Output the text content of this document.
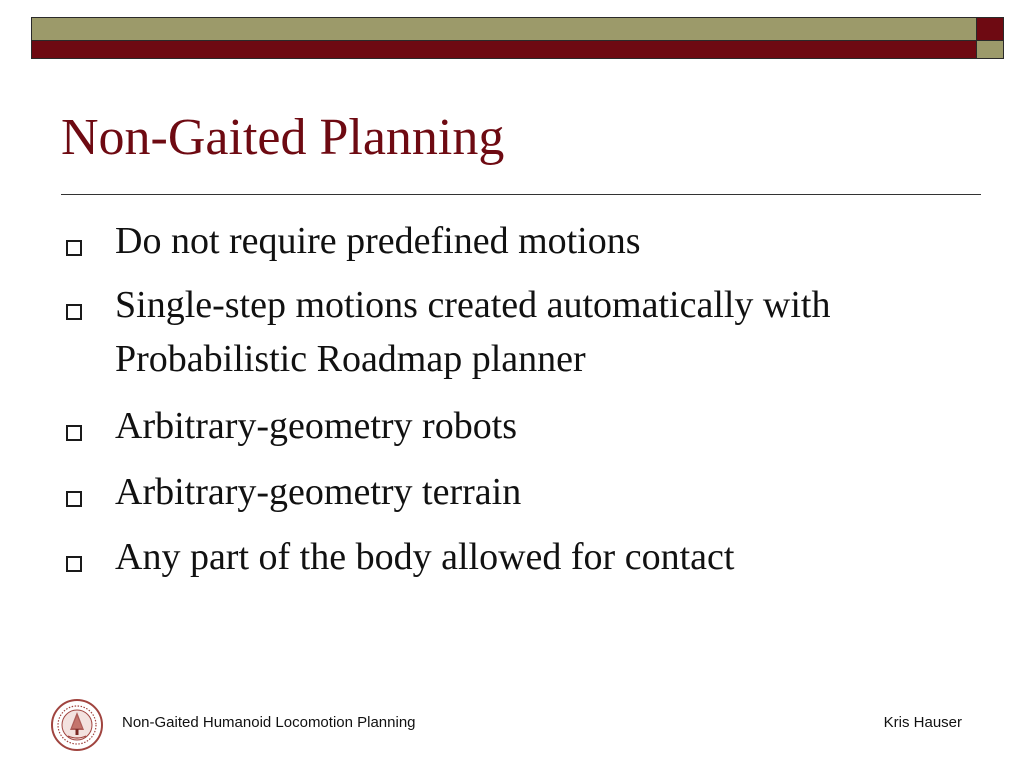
Non-Gaited Planning
Do not require predefined motions
Single-step motions created automatically with Probabilistic Roadmap planner
Arbitrary-geometry robots
Arbitrary-geometry terrain
Any part of the body allowed for contact
Non-Gaited Humanoid Locomotion Planning	Kris Hauser
